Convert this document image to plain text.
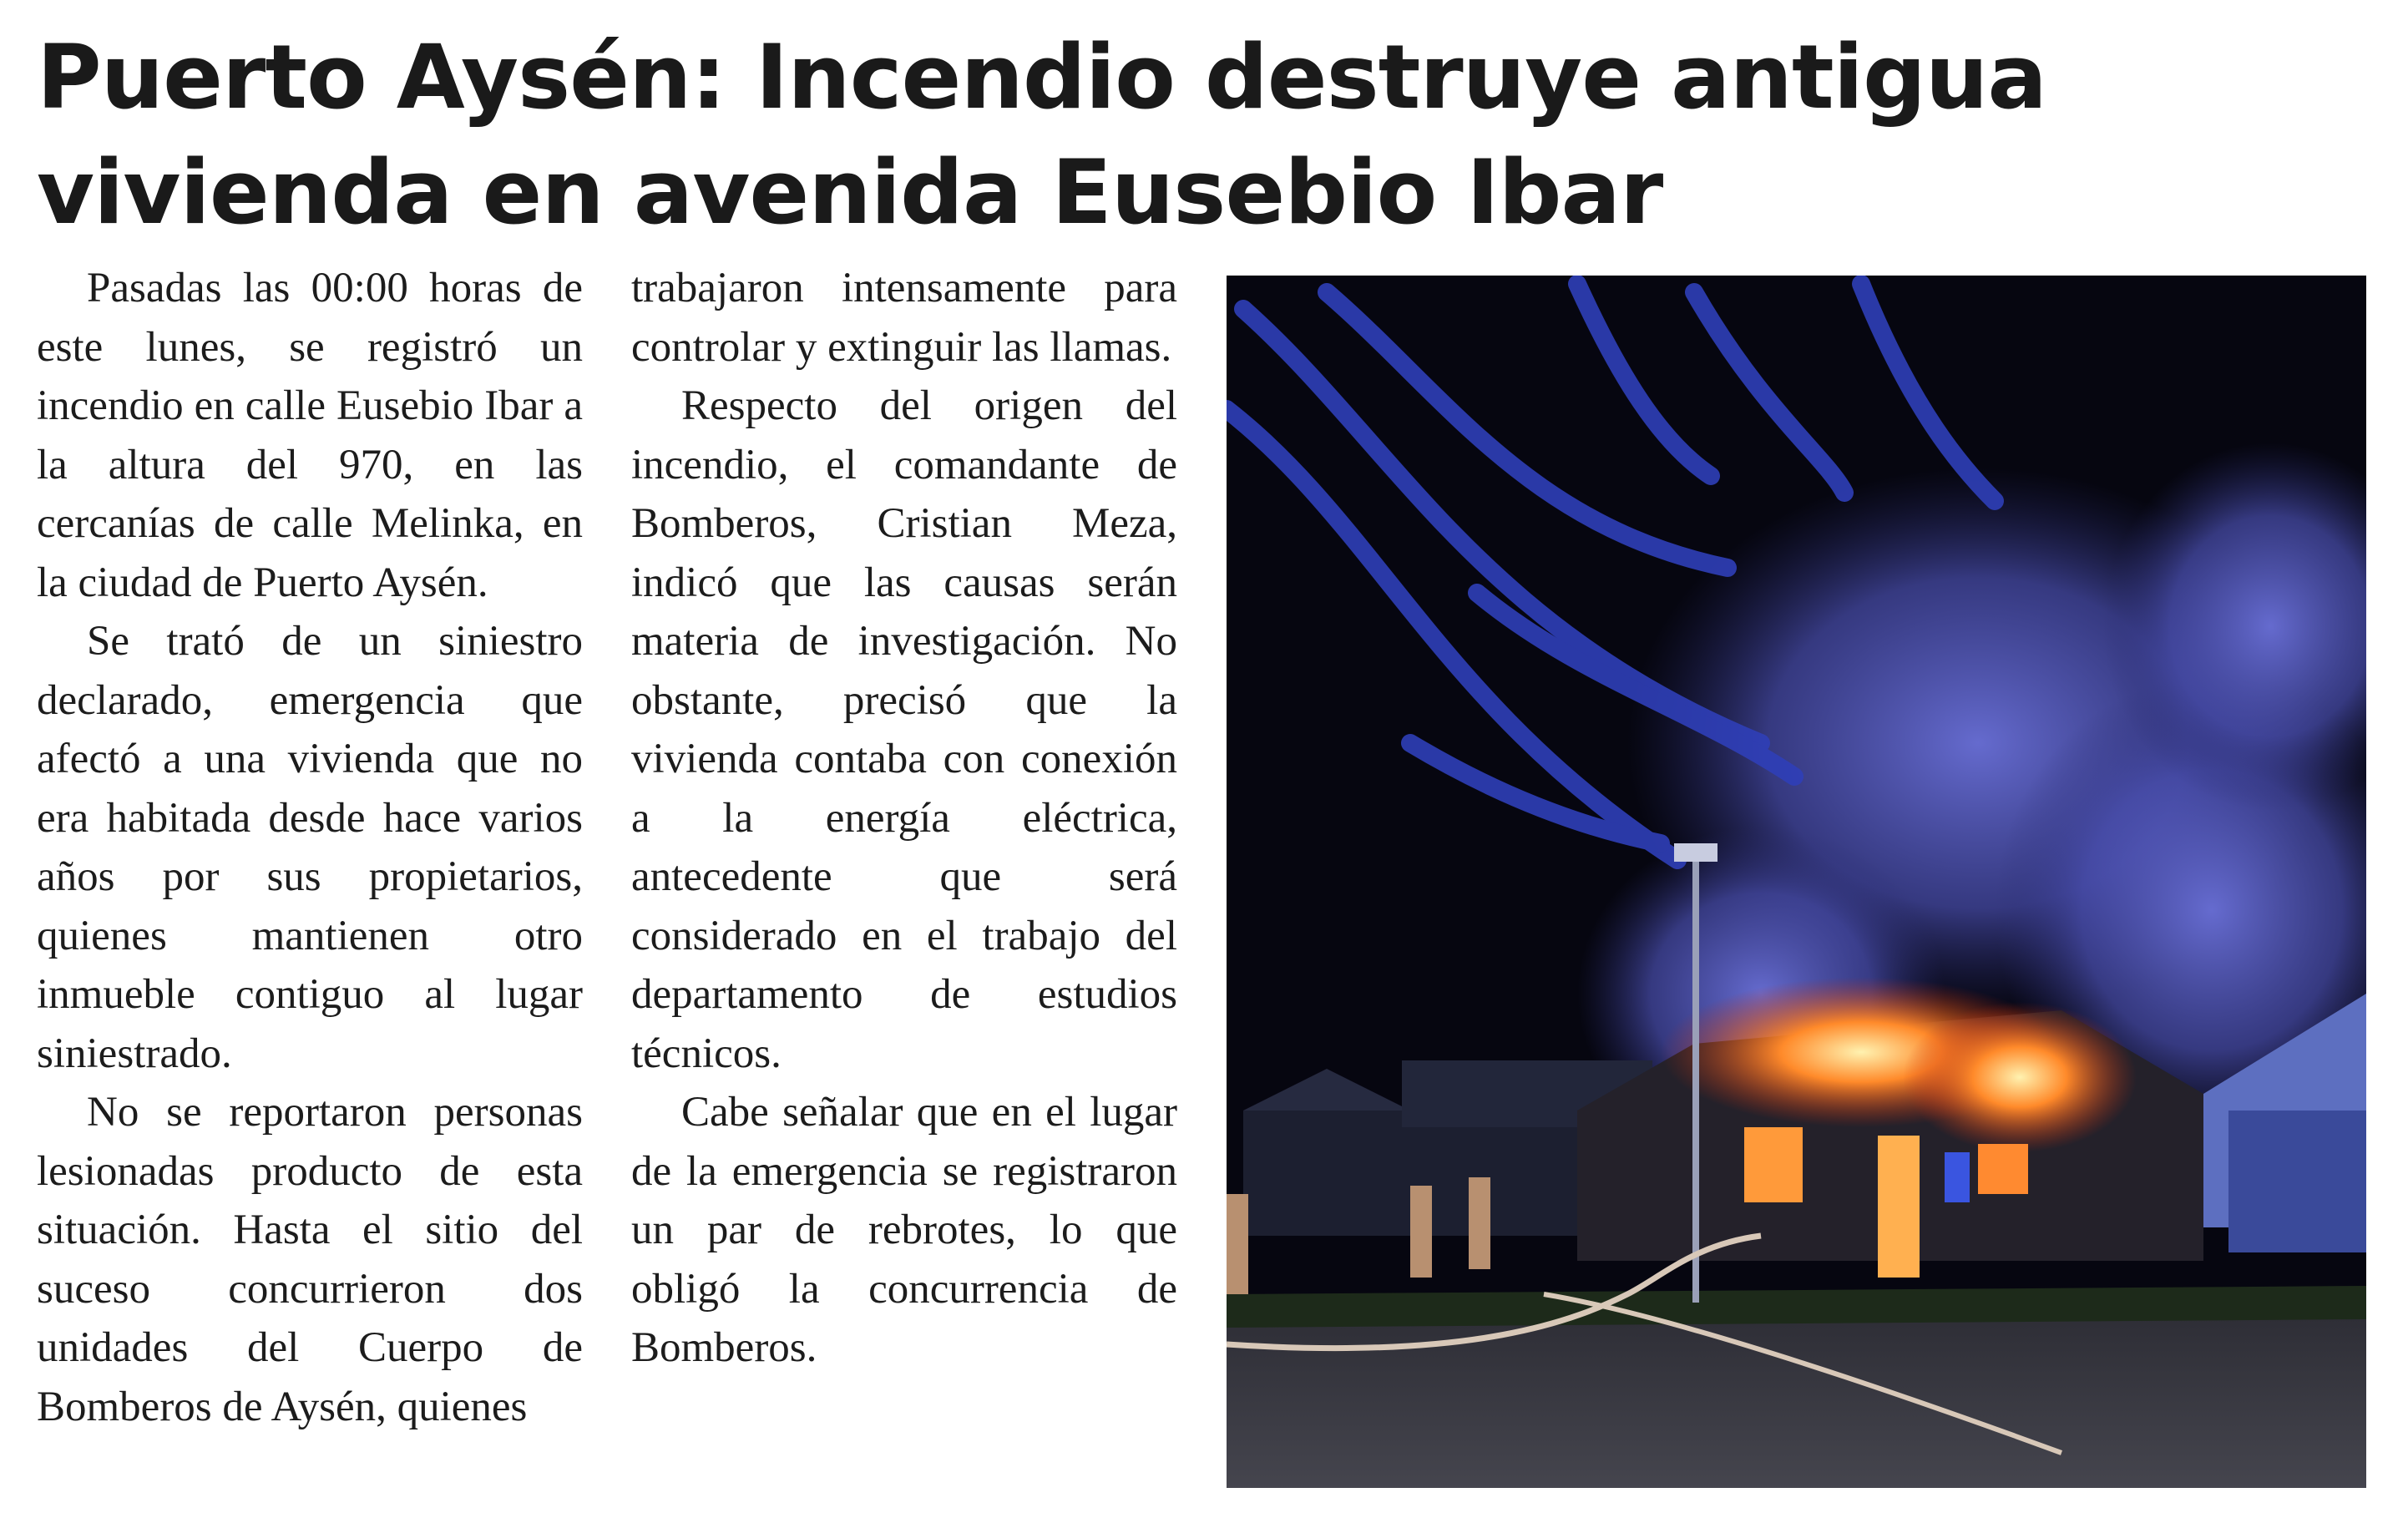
Puerto Aysén: Incendio destruye antigua vivienda en avenida Eusebio Ibar

Pasadas las 00:00 horas de este lunes, se registró un incendio en calle Eusebio Ibar a la altura del 970, en las cercanías de calle Melinka, en la ciudad de Puerto Aysén.

Se trató de un siniestro declarado, emergencia que afectó a una vivienda que no era habitada desde hace varios años por sus propietarios, quienes mantienen otro inmueble contiguo al lugar siniestrado.

No se reportaron personas lesionadas producto de esta situación. Hasta el sitio del suceso concurrieron dos unidades del Cuerpo de Bomberos de Aysén, quienes

trabajaron intensamente para controlar y extinguir las llamas.

Respecto del origen del incendio, el comandante de Bomberos, Cristian Meza, indicó que las causas serán materia de investigación. No obstante, precisó que la vivienda contaba con conexión a la energía eléctrica, antecedente que será considerado en el trabajo del departamento de estudios técnicos.

Cabe señalar que en el lugar de la emergencia se registraron un par de rebrotes, lo que obligó la concurrencia de Bomberos.
